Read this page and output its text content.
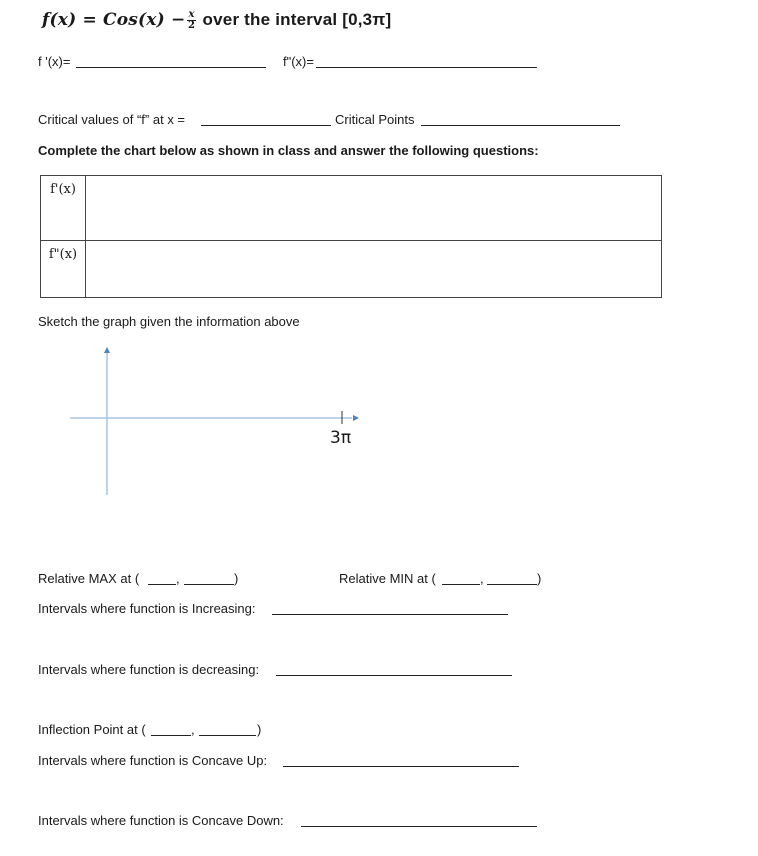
$f(x) = Cos(x) - \frac{x}{2}$ over the interval [0,3π]
f '(x)=	f"(x)=
Critical values of “f” at x =	Critical Points
Complete the chart below as shown in class and answer the following questions:
f'(x)	
f"(x)	
Sketch the graph given the information above
3π
Relative MAX at (	,	)	Relative MIN at (	,	)
Intervals where function is Increasing:
Intervals where function is decreasing:
Inflection Point at (	,	)
Intervals where function is Concave Up:
Intervals where function is Concave Down:
